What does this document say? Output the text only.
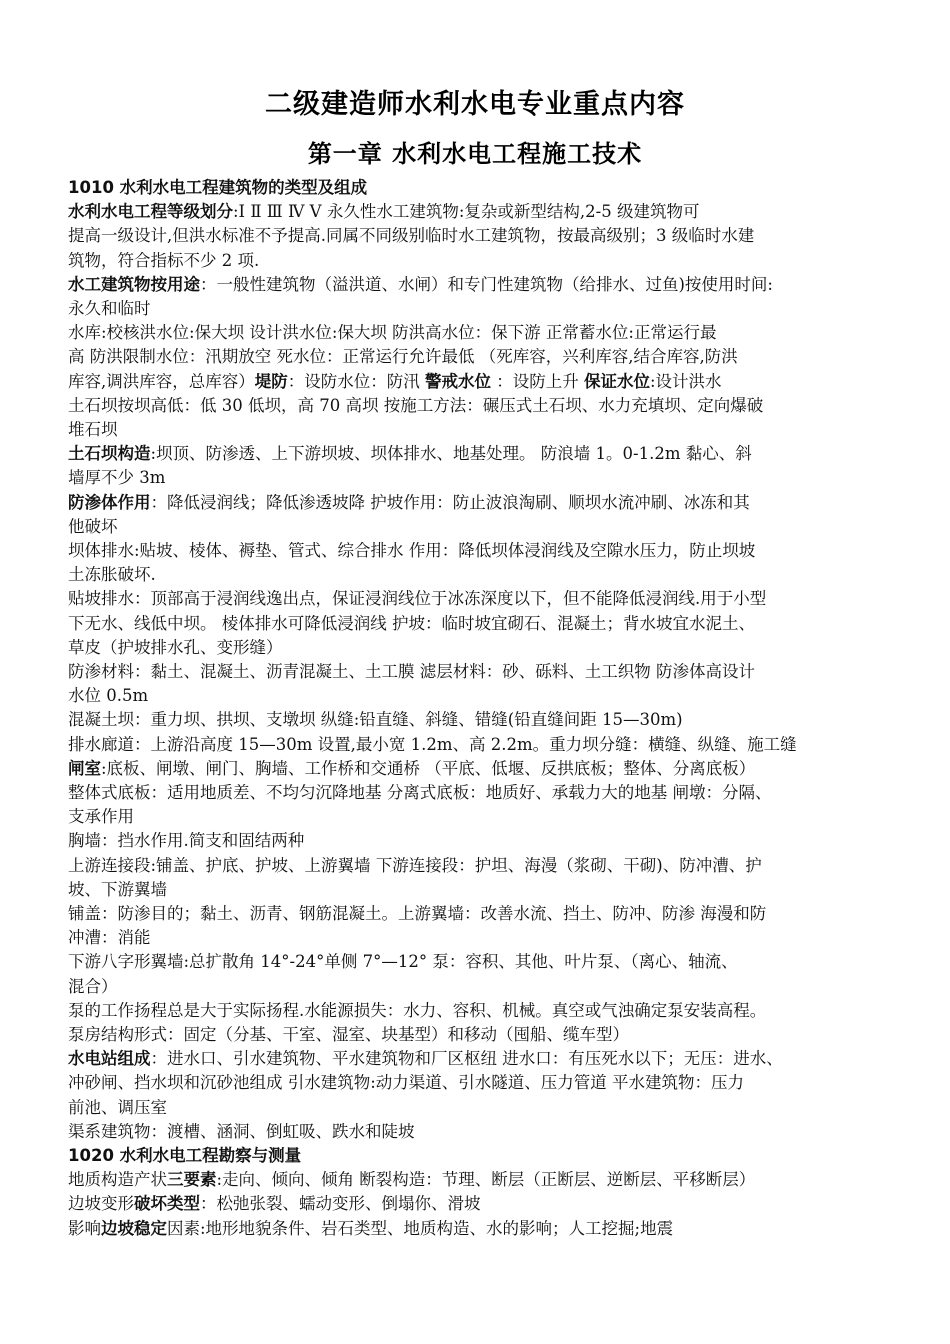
二级建造师水利水电专业重点内容
第一章 水利水电工程施工技术
1010 水利水电工程建筑物的类型及组成
水利水电工程等级划分:Ⅰ Ⅱ Ⅲ Ⅳ Ⅴ 永久性水工建筑物:复杂或新型结构,2-5 级建筑物可
提高一级设计,但洪水标准不予提高.同属不同级别临时水工建筑物，按最高级别；3 级临时水建
筑物，符合指标不少 2 项.
水工建筑物按用途：一般性建筑物（溢洪道、水闸）和专门性建筑物（给排水、过鱼)按使用时间:
永久和临时
水库:校核洪水位:保大坝 设计洪水位:保大坝 防洪高水位：保下游 正常蓄水位:正常运行最
高 防洪限制水位：汛期放空 死水位：正常运行允许最低 （死库容，兴利库容,结合库容,防洪
库容,调洪库容，总库容）堤防：设防水位：防汛 警戒水位 ：设防上升 保证水位:设计洪水
土石坝按坝高低：低 30 低坝，高 70 高坝 按施工方法：碾压式土石坝、水力充填坝、定向爆破
堆石坝
土石坝构造:坝顶、防渗透、上下游坝坡、坝体排水、地基处理。 防浪墙 1。0-1.2m 黏心、斜
墙厚不少 3m
防渗体作用：降低浸润线；降低渗透坡降 护坡作用：防止波浪淘刷、顺坝水流冲刷、冰冻和其
他破坏
坝体排水:贴坡、棱体、褥垫、管式、综合排水 作用：降低坝体浸润线及空隙水压力，防止坝坡
土冻胀破坏.
贴坡排水：顶部高于浸润线逸出点，保证浸润线位于冰冻深度以下，但不能降低浸润线.用于小型
下无水、线低中坝。 棱体排水可降低浸润线 护坡：临时坡宜砌石、混凝土；背水坡宜水泥土、
草皮（护坡排水孔、变形缝）
防渗材料：黏土、混凝土、沥青混凝土、土工膜 滤层材料：砂、砾料、土工织物 防渗体高设计
水位 0.5m
混凝土坝：重力坝、拱坝、支墩坝 纵缝:铅直缝、斜缝、错缝(铅直缝间距 15—30m)
排水廊道：上游沿高度 15—30m 设置,最小宽 1.2m、高 2.2m。重力坝分缝：横缝、纵缝、施工缝
闸室:底板、闸墩、闸门、胸墙、工作桥和交通桥 （平底、低堰、反拱底板；整体、分离底板）
整体式底板：适用地质差、不均匀沉降地基 分离式底板：地质好、承载力大的地基 闸墩：分隔、
支承作用
胸墙：挡水作用.简支和固结两种
上游连接段:铺盖、护底、护坡、上游翼墙 下游连接段：护坦、海漫（浆砌、干砌)、防冲漕、护
坡、下游翼墙
铺盖：防渗目的；黏土、沥青、钢筋混凝土。上游翼墙：改善水流、挡土、防冲、防渗 海漫和防
冲漕：消能
下游八字形翼墙:总扩散角 14°-24°单侧 7°—12° 泵：容积、其他、叶片泵、（离心、轴流、
混合）
泵的工作扬程总是大于实际扬程.水能源损失：水力、容积、机械。真空或气浊确定泵安装高程。
泵房结构形式：固定（分基、干室、湿室、块基型）和移动（囤船、缆车型）
水电站组成：进水口、引水建筑物、平水建筑物和厂区枢纽 进水口：有压死水以下；无压：进水、
冲砂闸、挡水坝和沉砂池组成 引水建筑物:动力渠道、引水隧道、压力管道 平水建筑物：压力
前池、调压室
渠系建筑物：渡槽、涵洞、倒虹吸、跌水和陡坡
1020 水利水电工程勘察与测量
地质构造产状三要素:走向、倾向、倾角 断裂构造：节理、断层（正断层、逆断层、平移断层）
边坡变形破坏类型：松弛张裂、蠕动变形、倒塌你、滑坡
影响边坡稳定因素:地形地貌条件、岩石类型、地质构造、水的影响；人工挖掘;地震
